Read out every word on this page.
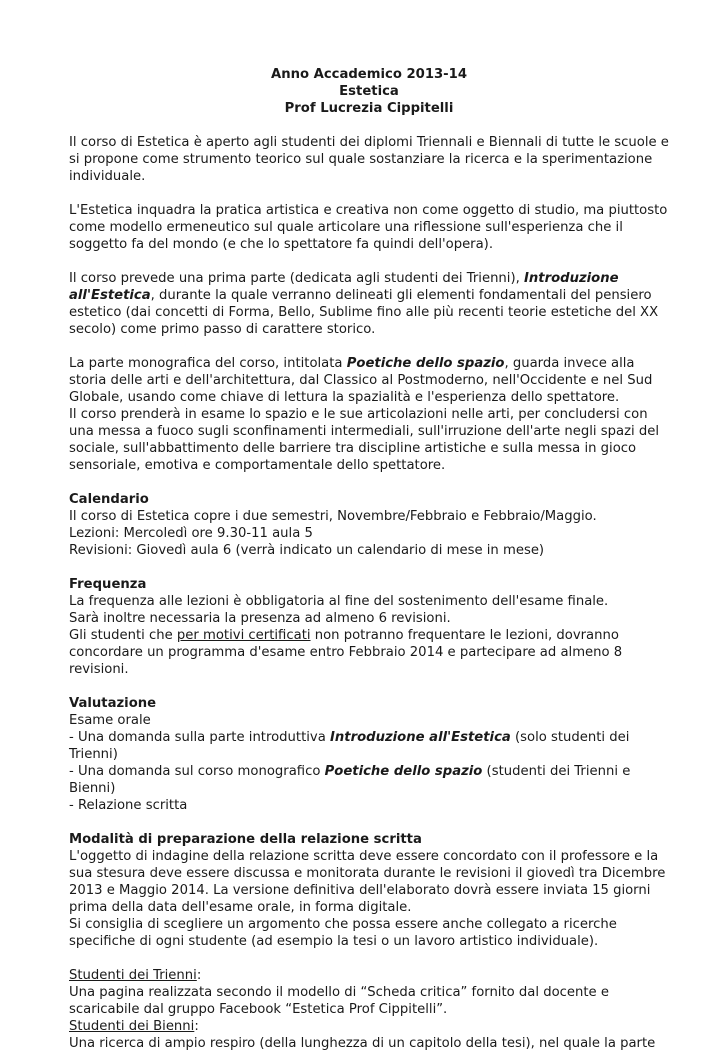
Anno Accademico 2013-14
Estetica
Prof Lucrezia Cippitelli

Il corso di Estetica è aperto agli studenti dei diplomi Triennali e Biennali di tutte le scuole e si propone come strumento teorico sul quale sostanziare la ricerca e la sperimentazione individuale.

L'Estetica inquadra la pratica artistica e creativa non come oggetto di studio, ma piuttosto come modello ermeneutico sul quale articolare una riflessione sull'esperienza che il soggetto fa del mondo (e che lo spettatore fa quindi dell'opera).

Il corso prevede una prima parte (dedicata agli studenti dei Trienni), Introduzione all'Estetica, durante la quale verranno delineati gli elementi fondamentali del pensiero estetico (dai concetti di Forma, Bello, Sublime fino alle più recenti teorie estetiche del XX secolo) come primo passo di carattere storico.

La parte monografica del corso, intitolata Poetiche dello spazio, guarda invece alla storia delle arti e dell'architettura, dal Classico al Postmoderno, nell'Occidente e nel Sud Globale, usando come chiave di lettura la spazialità e l'esperienza dello spettatore.

Il corso prenderà in esame lo spazio e le sue articolazioni nelle arti, per concludersi con una messa a fuoco sugli sconfinamenti intermediali, sull'irruzione dell'arte negli spazi del sociale, sull'abbattimento delle barriere tra discipline artistiche e sulla messa in gioco sensoriale, emotiva e comportamentale dello spettatore.

Calendario

Il corso di Estetica copre i due semestri, Novembre/Febbraio e Febbraio/Maggio.

Lezioni: Mercoledì ore 9.30-11 aula 5

Revisioni: Giovedì aula 6 (verrà indicato un calendario di mese in mese)

Frequenza

La frequenza alle lezioni è obbligatoria al fine del sostenimento dell'esame finale.

Sarà inoltre necessaria la presenza ad almeno 6 revisioni.

Gli studenti che per motivi certificati non potranno frequentare le lezioni, dovranno concordare un programma d'esame entro Febbraio 2014 e partecipare ad almeno 8 revisioni.

Valutazione

Esame orale

- Una domanda sulla parte introduttiva Introduzione all'Estetica (solo studenti dei Trienni)

- Una domanda sul corso monografico Poetiche dello spazio (studenti dei Trienni e Bienni)

- Relazione scritta

Modalità di preparazione della relazione scritta

L'oggetto di indagine della relazione scritta deve essere concordato con il professore e la sua stesura deve essere discussa e monitorata durante le revisioni il giovedì tra Dicembre 2013 e Maggio 2014. La versione definitiva dell'elaborato dovrà essere inviata 15 giorni prima della data dell'esame orale, in forma digitale.

Si consiglia di scegliere un argomento che possa essere anche collegato a ricerche specifiche di ogni studente (ad esempio la tesi o un lavoro artistico individuale).

Studenti dei Trienni:

Una pagina realizzata secondo il modello di “Scheda critica” fornito dal docente e scaricabile dal gruppo Facebook “Estetica Prof Cippitelli”.

Studenti dei Bienni:

Una ricerca di ampio respiro (della lunghezza di un capitolo della tesi), nel quale la parte
